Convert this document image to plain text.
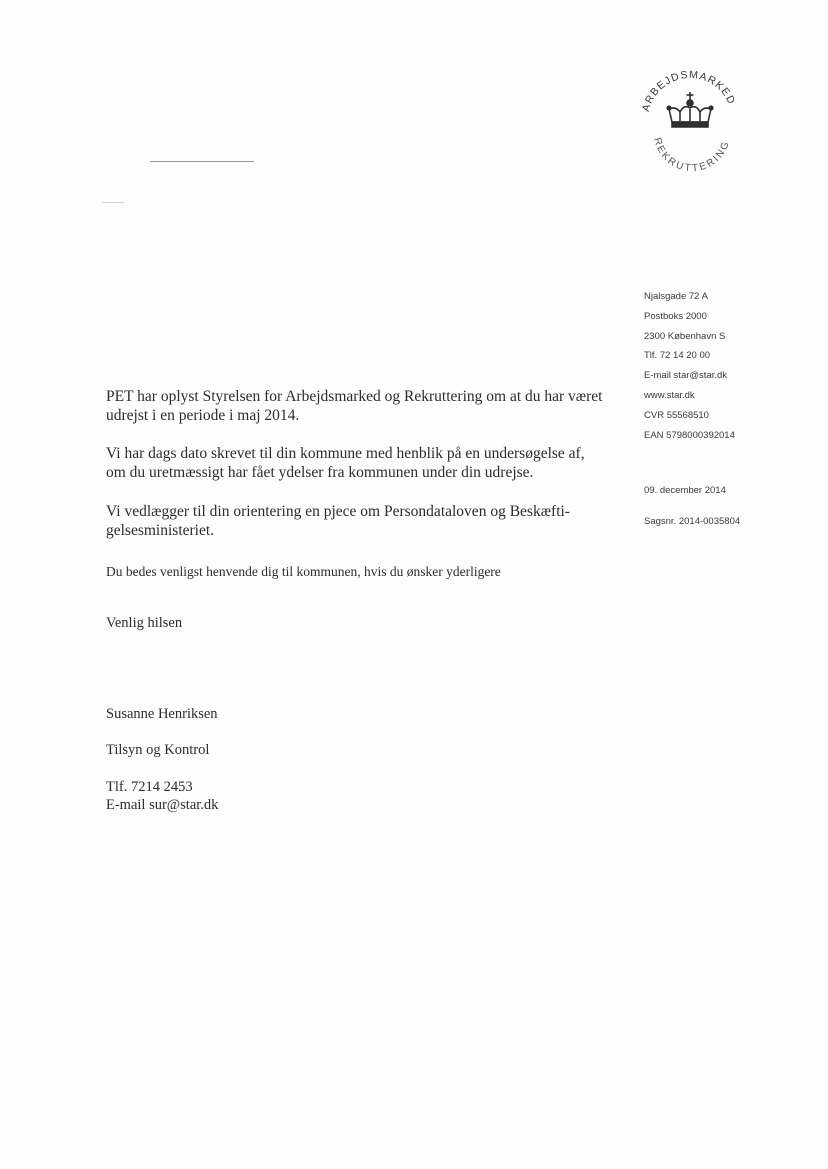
ARBEJDSMARKED
REKRUTTERING
Njalsgade 72 A
Postboks 2000
2300 København S
Tlf. 72 14 20 00
E-mail star@star.dk
www.star.dk
CVR 55568510
EAN 5798000392014
09. december 2014
Sagsnr. 2014-0035804

PET har oplyst Styrelsen for Arbejdsmarked og Rekruttering om at du har været udrejst i en periode i maj 2014.

Vi har dags dato skrevet til din kommune med henblik på en undersøgelse af, om du uretmæssigt har fået ydelser fra kommunen under din udrejse.

Vi vedlægger til din orientering en pjece om Persondataloven og Beskæfti-gelsesministeriet.

Du bedes venligst henvende dig til kommunen, hvis du ønsker yderligere

Venlig hilsen
Susanne Henriksen
Tilsyn og Kontrol
Tlf. 7214 2453
E-mail sur@star.dk
